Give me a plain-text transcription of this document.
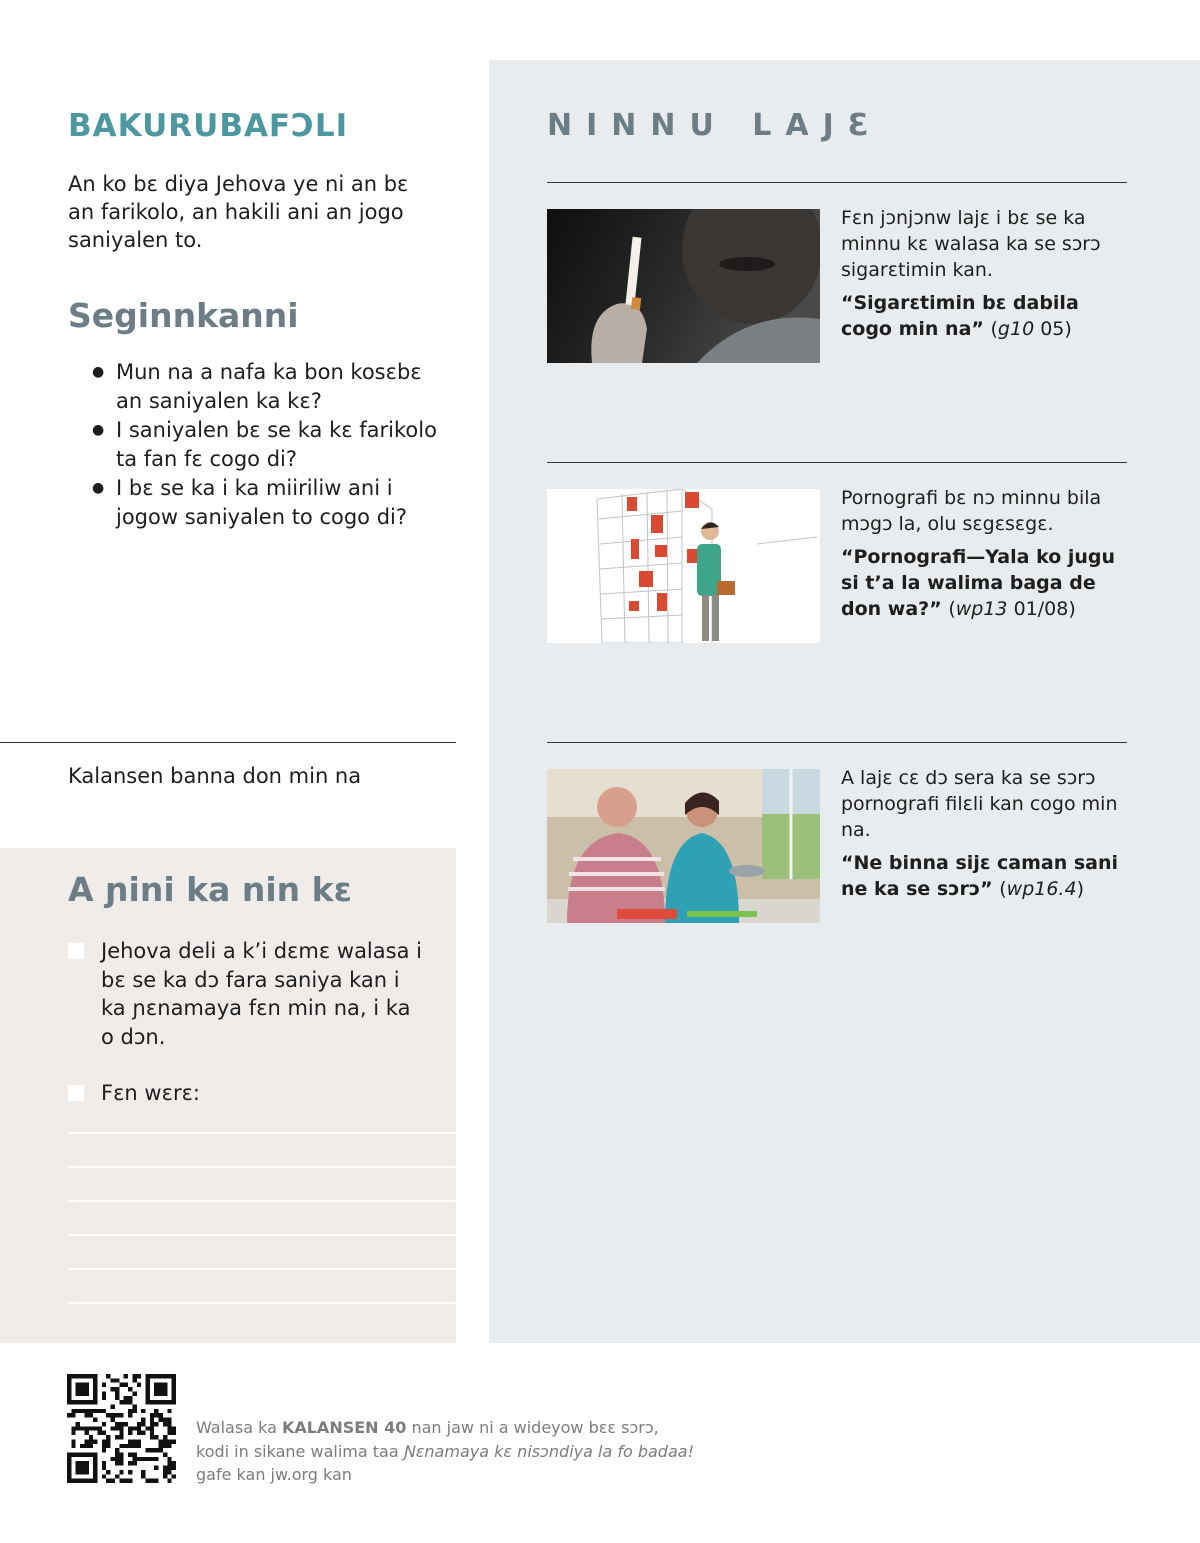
BAKURUBAFƆLI
An ko bɛ diya Jehova ye ni an bɛ an farikolo, an hakili ani an jogo saniyalen to.
Seginnkanni
● Mun na a nafa ka bon kosɛbɛ an saniyalen ka kɛ?
● I saniyalen bɛ se ka kɛ farikolo ta fan fɛ cogo di?
● I bɛ se ka i ka miiriliw ani i jogow saniyalen to cogo di?
Kalansen banna don min na
A ɲini ka nin kɛ
Jehova deli a k’i dɛmɛ walasa i bɛ se ka dɔ fara saniya kan i ka ɲɛnamaya fɛn min na, i ka o dɔn.
Fɛn wɛrɛ:
NINNU LAJƐ
Fɛn jɔnjɔnw lajɛ i bɛ se ka minnu kɛ walasa ka se sɔrɔ sigarɛtimin kan.
“Sigarɛtimin bɛ dabila cogo min na” (g10 05)
Pornografi bɛ nɔ minnu bila mɔgɔ la, olu sɛgɛsɛgɛ.
“Pornografi—Yala ko jugu si t’a la walima baga de don wa?” (wp13 01/08)
A lajɛ cɛ dɔ sera ka se sɔrɔ pornografi filɛli kan cogo min na.
“Ne binna sijɛ caman sani ne ka se sɔrɔ” (wp16.4)
Walasa ka KALANSEN 40 nan jaw ni a wideyow bɛɛ sɔrɔ,
kodi in sikane walima taa Ɲɛnamaya kɛ nisɔndiya la fo badaa!
gafe kan jw.org kan
